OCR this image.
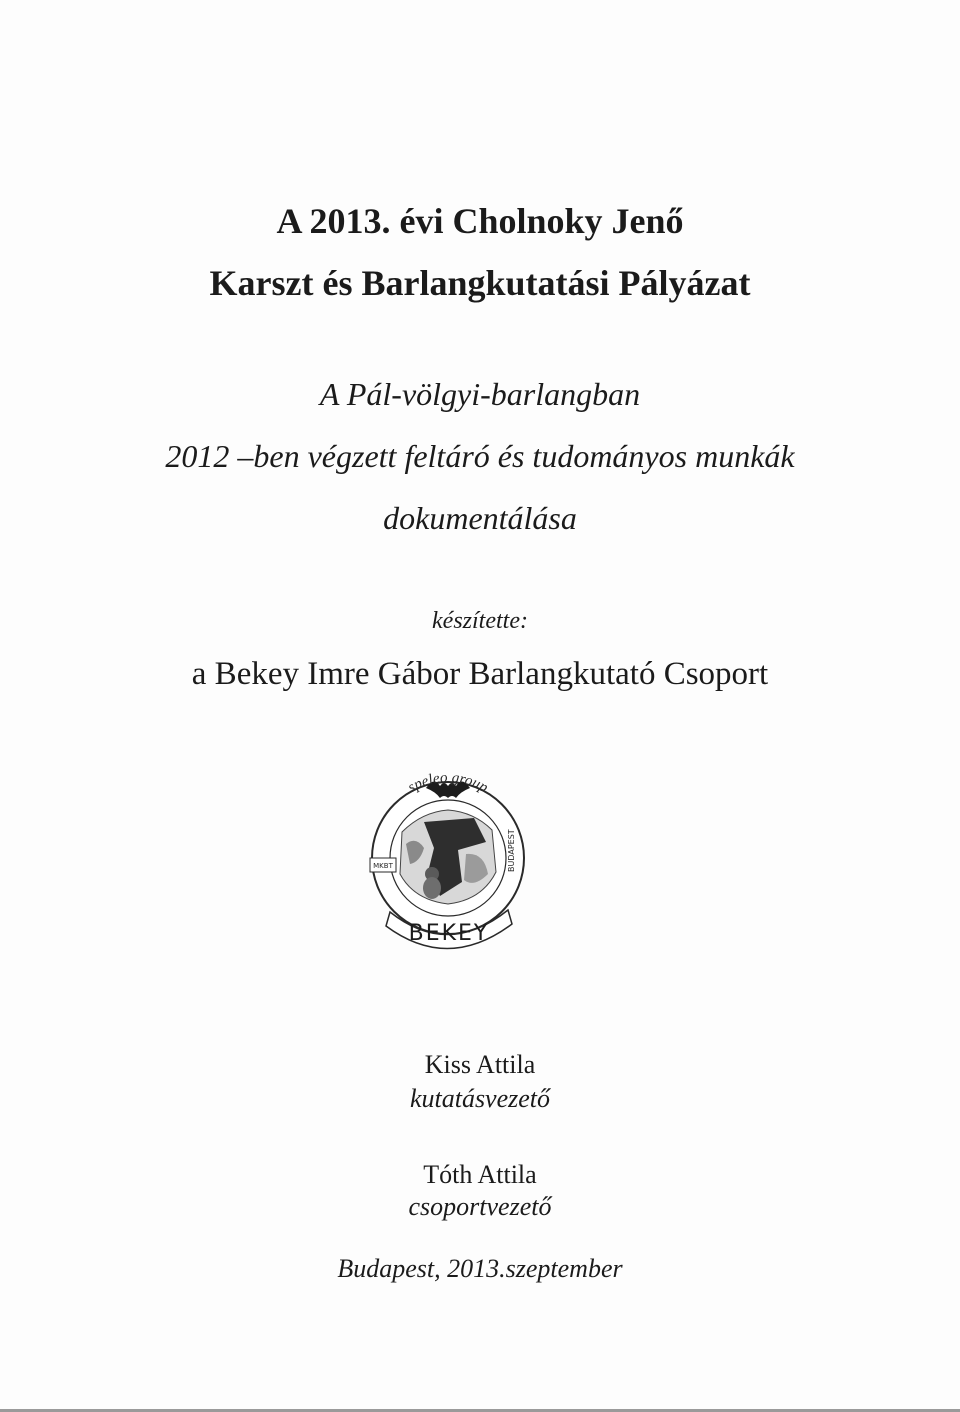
A 2013. évi Cholnoky Jenő
Karszt és Barlangkutatási Pályázat
A Pál-völgyi-barlangban
2012 –ben végzett feltáró és tudományos munkák
dokumentálása
készítette:
a Bekey Imre Gábor Barlangkutató Csoport
MKBT
speleo group
BUDAPEST
BEKEY
Kiss Attila
kutatásvezető
Tóth Attila
csoportvezető
Budapest, 2013.szeptember
